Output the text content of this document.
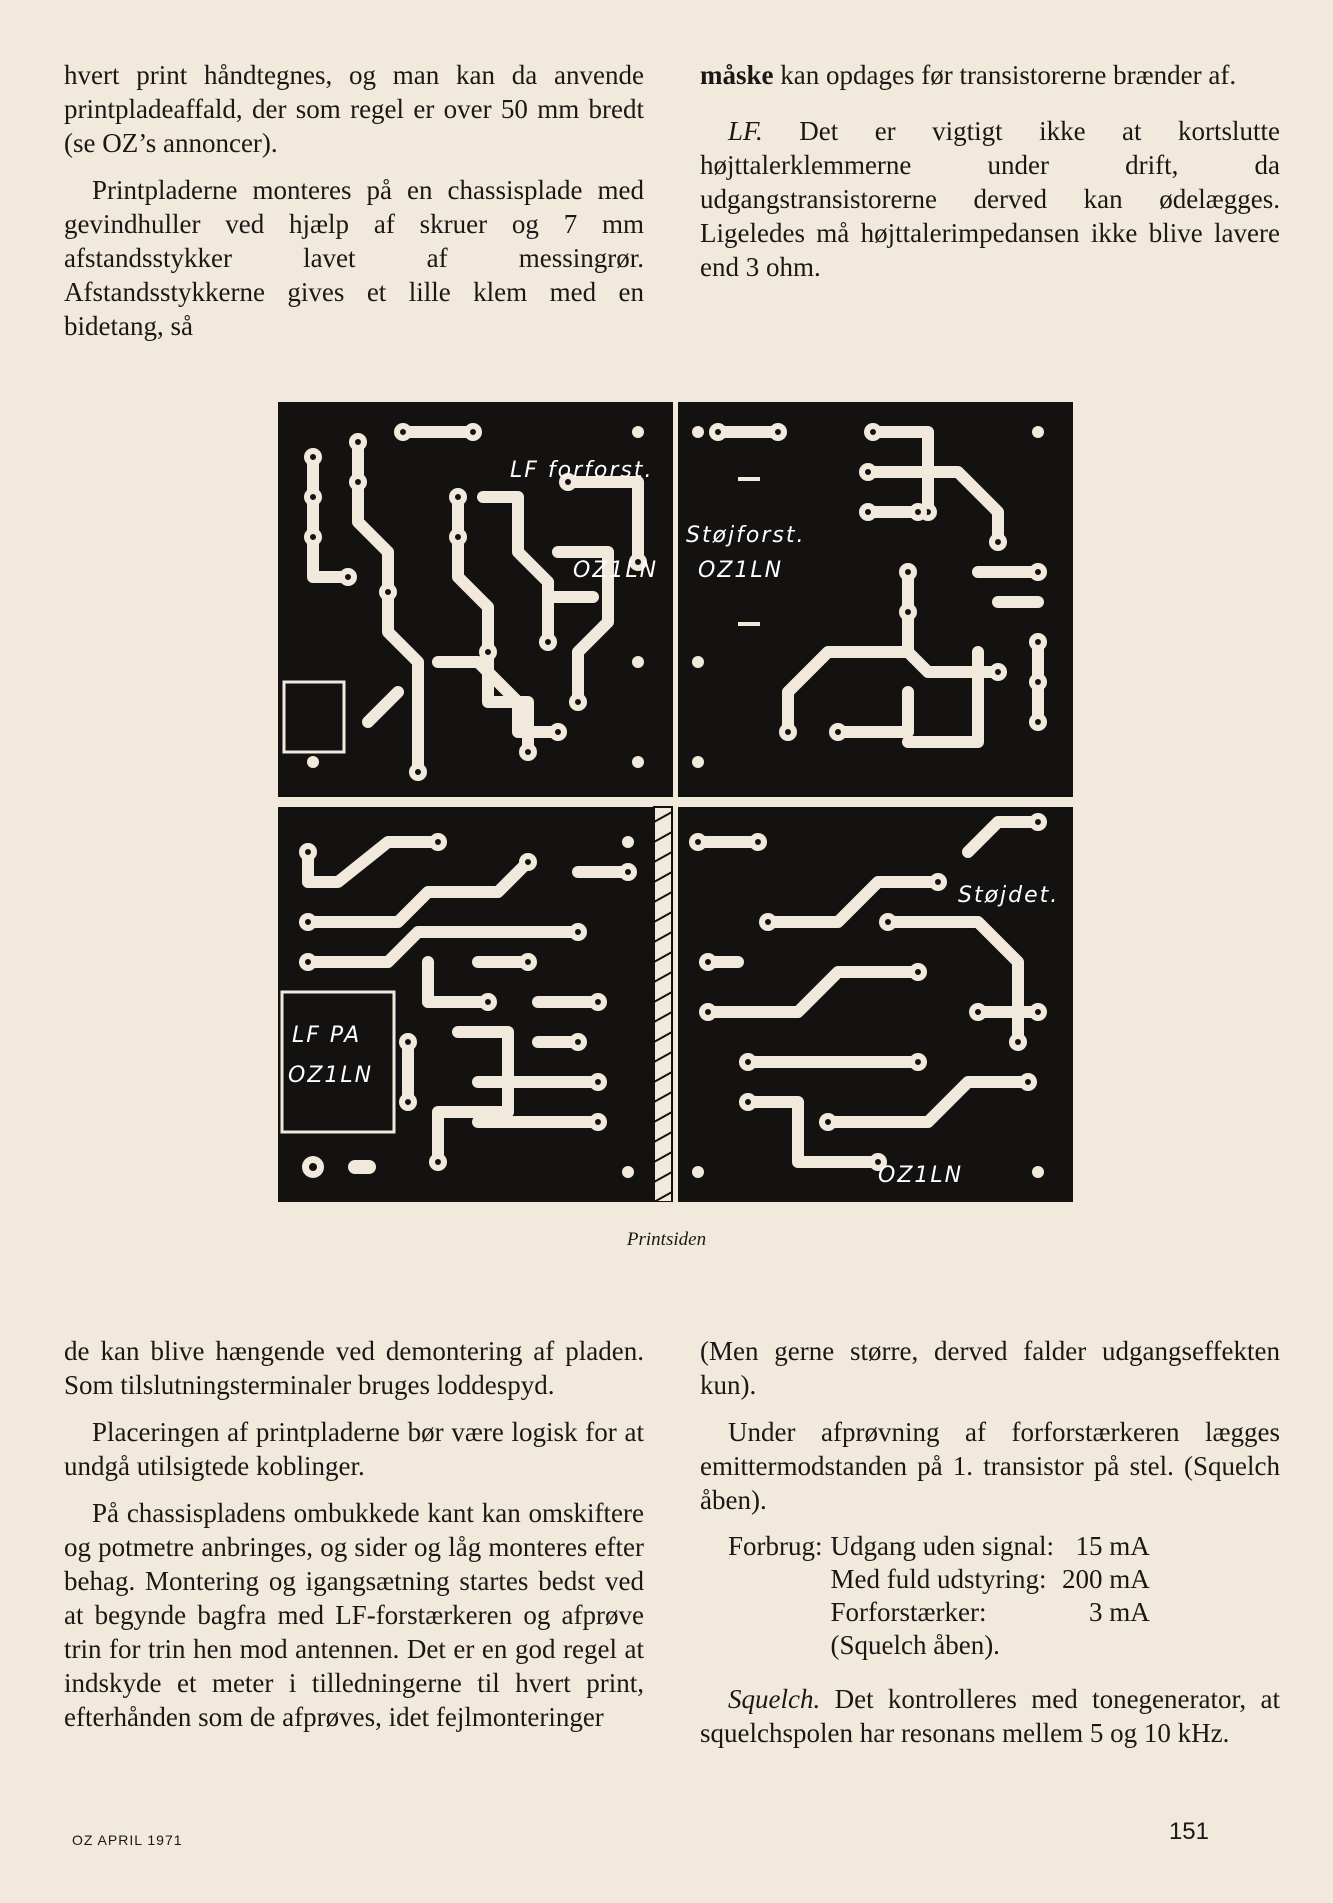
hvert print håndtegnes, og man kan da anvende printpladeaffald, der som regel er over 50 mm bredt (se OZ’s annoncer).

Printpladerne monteres på en chassisplade med gevindhuller ved hjælp af skruer og 7 mm afstandsstykker lavet af messingrør. Afstandsstykkerne gives et lille klem med en bidetang, så

måske kan opdages før transistorerne brænder af.

LF. Det er vigtigt ikke at kortslutte højttalerklemmerne under drift, da udgangstransistorerne derved kan ødelægges. Ligeledes må højttalerimpedansen ikke blive lavere end 3 ohm.

LF forforst.
OZ1LN
Støjforst.
OZ1LN
LF PA
OZ1LN
Støjdet.
OZ1LN
Printsiden

de kan blive hængende ved demontering af pladen. Som tilslutningsterminaler bruges loddespyd.

Placeringen af printpladerne bør være logisk for at undgå utilsigtede koblinger.

På chassispladens ombukkede kant kan omskiftere og potmetre anbringes, og sider og låg monteres efter behag. Montering og igangsætning startes bedst ved at begynde bagfra med LF-forstærkeren og afprøve trin for trin hen mod antennen. Det er en god regel at indskyde et meter i tilledningerne til hvert print, efterhånden som de afprøves, idet fejlmonteringer

(Men gerne større, derved falder udgangseffekten kun).

Under afprøvning af forforstærkeren lægges emittermodstanden på 1. transistor på stel. (Squelch åben).

Forbrug:	Udgang uden signal:	15 mA
	Med fuld udstyring:	200 mA
	Forforstærker:	3 mA
	(Squelch åben).	

Squelch. Det kontrolleres med tonegenerator, at squelchspolen har resonans mellem 5 og 10 kHz.

OZ APRIL 1971	151
